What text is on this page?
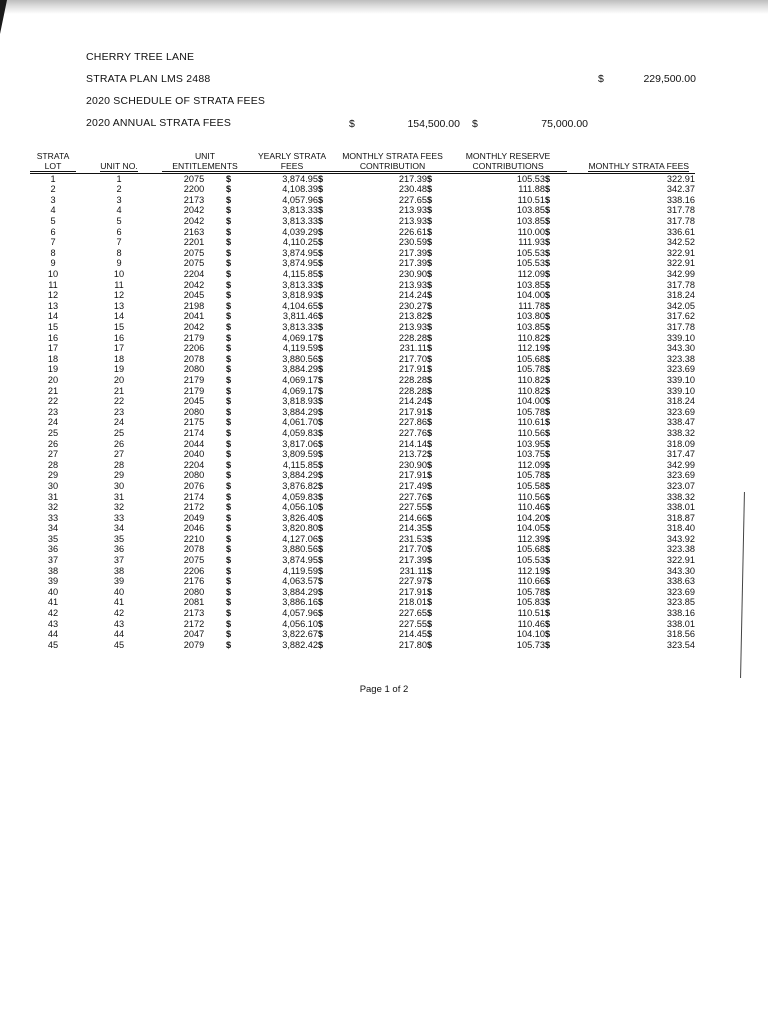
CHERRY TREE LANE
STRATA PLAN LMS 2488	$	229,500.00
2020 SCHEDULE OF STRATA FEES
2020 ANNUAL STRATA FEES	$	154,500.00 $	75,000.00
STRATA LOT	UNIT NO.	UNIT ENTITLEMENTS		YEARLY STRATA FEES		MONTHLY STRATA FEES CONTRIBUTION		MONTHLY RESERVE CONTRIBUTIONS		MONTHLY STRATA FEES
1	1	2075	$	3,874.95	$	217.39	$	105.53	$	322.91
2	2	2200	$	4,108.39	$	230.48	$	111.88	$	342.37
3	3	2173	$	4,057.96	$	227.65	$	110.51	$	338.16
4	4	2042	$	3,813.33	$	213.93	$	103.85	$	317.78
5	5	2042	$	3,813.33	$	213.93	$	103.85	$	317.78
6	6	2163	$	4,039.29	$	226.61	$	110.00	$	336.61
7	7	2201	$	4,110.25	$	230.59	$	111.93	$	342.52
8	8	2075	$	3,874.95	$	217.39	$	105.53	$	322.91
9	9	2075	$	3,874.95	$	217.39	$	105.53	$	322.91
10	10	2204	$	4,115.85	$	230.90	$	112.09	$	342.99
11	11	2042	$	3,813.33	$	213.93	$	103.85	$	317.78
12	12	2045	$	3,818.93	$	214.24	$	104.00	$	318.24
13	13	2198	$	4,104.65	$	230.27	$	111.78	$	342.05
14	14	2041	$	3,811.46	$	213.82	$	103.80	$	317.62
15	15	2042	$	3,813.33	$	213.93	$	103.85	$	317.78
16	16	2179	$	4,069.17	$	228.28	$	110.82	$	339.10
17	17	2206	$	4,119.59	$	231.11	$	112.19	$	343.30
18	18	2078	$	3,880.56	$	217.70	$	105.68	$	323.38
19	19	2080	$	3,884.29	$	217.91	$	105.78	$	323.69
20	20	2179	$	4,069.17	$	228.28	$	110.82	$	339.10
21	21	2179	$	4,069.17	$	228.28	$	110.82	$	339.10
22	22	2045	$	3,818.93	$	214.24	$	104.00	$	318.24
23	23	2080	$	3,884.29	$	217.91	$	105.78	$	323.69
24	24	2175	$	4,061.70	$	227.86	$	110.61	$	338.47
25	25	2174	$	4,059.83	$	227.76	$	110.56	$	338.32
26	26	2044	$	3,817.06	$	214.14	$	103.95	$	318.09
27	27	2040	$	3,809.59	$	213.72	$	103.75	$	317.47
28	28	2204	$	4,115.85	$	230.90	$	112.09	$	342.99
29	29	2080	$	3,884.29	$	217.91	$	105.78	$	323.69
30	30	2076	$	3,876.82	$	217.49	$	105.58	$	323.07
31	31	2174	$	4,059.83	$	227.76	$	110.56	$	338.32
32	32	2172	$	4,056.10	$	227.55	$	110.46	$	338.01
33	33	2049	$	3,826.40	$	214.66	$	104.20	$	318.87
34	34	2046	$	3,820.80	$	214.35	$	104.05	$	318.40
35	35	2210	$	4,127.06	$	231.53	$	112.39	$	343.92
36	36	2078	$	3,880.56	$	217.70	$	105.68	$	323.38
37	37	2075	$	3,874.95	$	217.39	$	105.53	$	322.91
38	38	2206	$	4,119.59	$	231.11	$	112.19	$	343.30
39	39	2176	$	4,063.57	$	227.97	$	110.66	$	338.63
40	40	2080	$	3,884.29	$	217.91	$	105.78	$	323.69
41	41	2081	$	3,886.16	$	218.01	$	105.83	$	323.85
42	42	2173	$	4,057.96	$	227.65	$	110.51	$	338.16
43	43	2172	$	4,056.10	$	227.55	$	110.46	$	338.01
44	44	2047	$	3,822.67	$	214.45	$	104.10	$	318.56
45	45	2079	$	3,882.42	$	217.80	$	105.73	$	323.54
Page 1 of 2
